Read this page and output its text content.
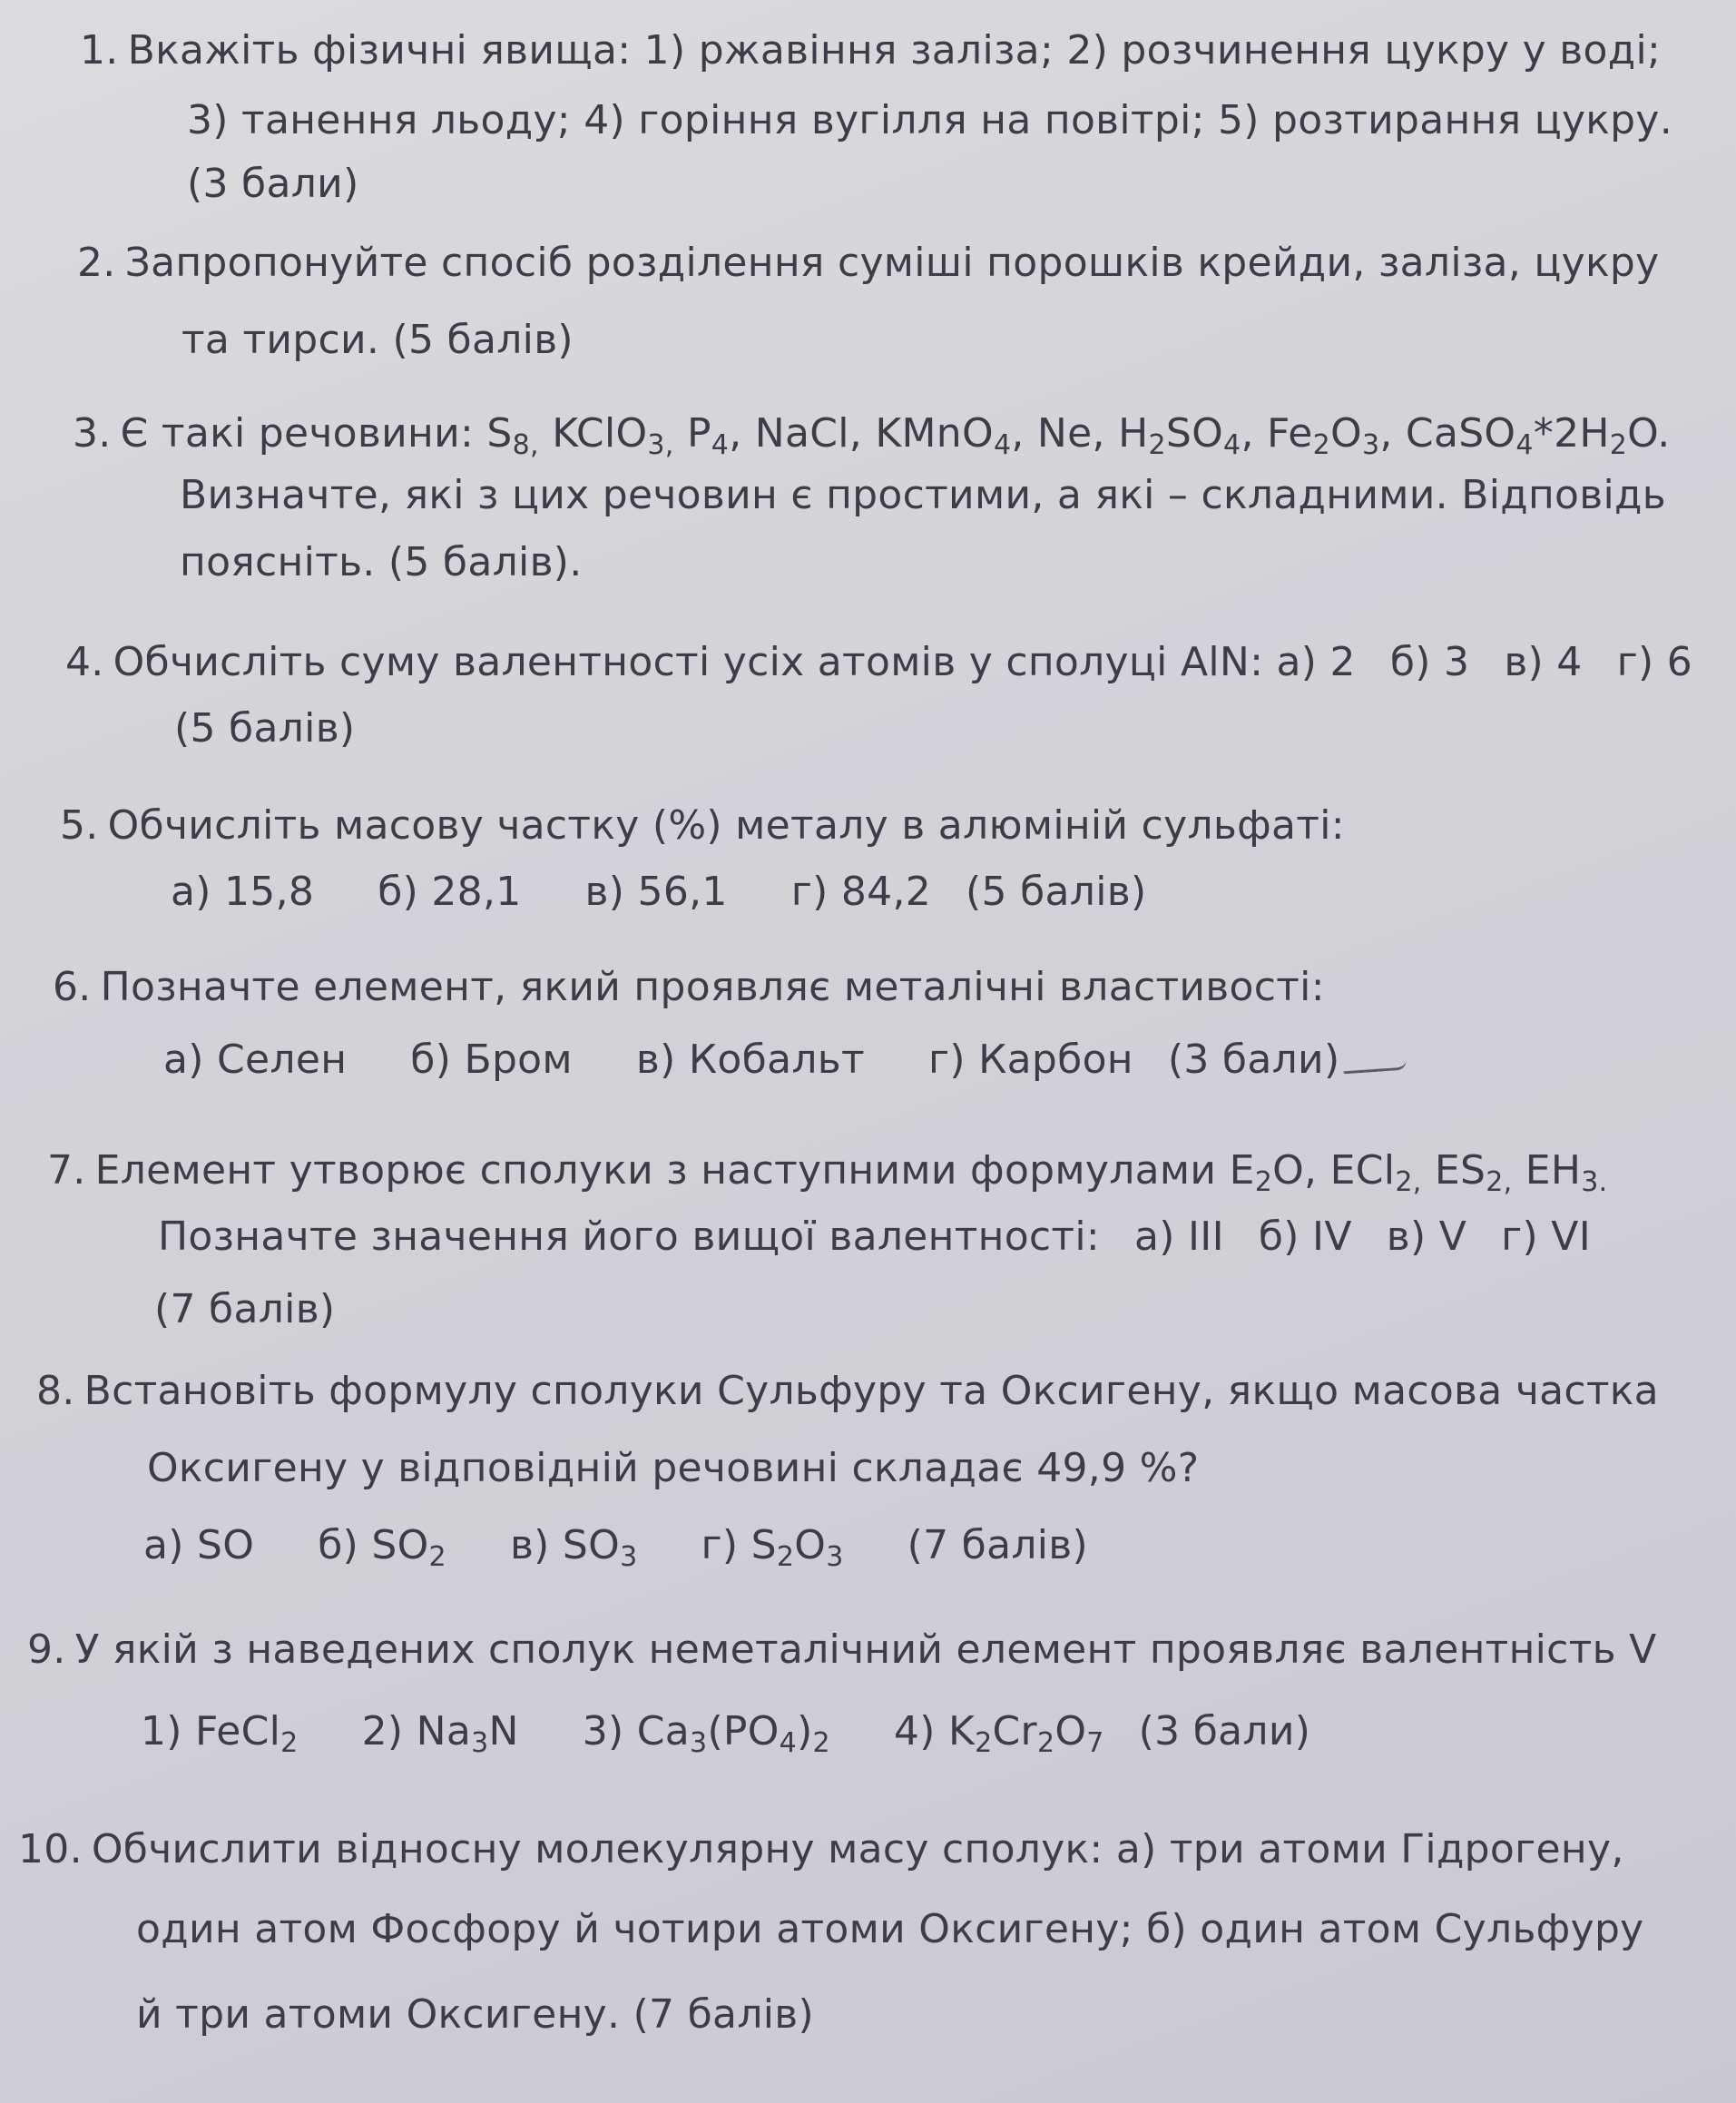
1. Вкажіть фізичні явища: 1) ржавіння заліза; 2) розчинення цукру у воді;
3) танення льоду; 4) горіння вугілля на повітрі; 5) розтирання цукру.
(3 бали)
2. Запропонуйте спосіб розділення суміші порошків крейди, заліза, цукру
та тирси. (5 балів)
3. Є такі речовини: $S_{8,}$ KClO$_{3,}$ $P_4$, NaCl, KMnO$_4$, Ne, $H_2SO_4$, $Fe_2O_3$, $CaSO_4*2H_2O$.
Визначте, які з цих речовин є простими, а які – складними. Відповідь
поясніть. (5 балів).
4. Обчисліть суму валентності усіх атомів у сполуці AlN: а) 2 б) 3 в) 4 г) 6
(5 балів)
5. Обчисліть масову частку (%) металу в алюміній сульфаті:
а) 15,8 б) 28,1 в) 56,1 г) 84,2 (5 балів)
6. Позначте елемент, який проявляє металічні властивості:
а) Селен б) Бром в) Кобальт г) Карбон (3 бали)
7. Елемент утворює сполуки з наступними формулами $E_2O$, ECl$_{2,}$ $ES_{2,}$ $EH_{3.}$
Позначте значення його вищої валентності: а) III б) IV в) V г) VI
(7 балів)
8. Встановіть формулу сполуки Сульфуру та Оксигену, якщо масова частка
Оксигену у відповідній речовині складає 49,9 %?
а) SO б) $SO_2$ в) $SO_3$ г) $S_2O_3$ (7 балів)
9. У якій з наведених сполук неметалічний елемент проявляє валентність V
1) FeCl$_2$ 2) $Na_3N$ 3) $Ca_3(PO_4)_2$ 4) $K_2Cr_2O_7$ (3 бали)
10. Обчислити відносну молекулярну масу сполук: а) три атоми Гідрогену,
один атом Фосфору й чотири атоми Оксигену; б) один атом Сульфуру
й три атоми Оксигену. (7 балів)
